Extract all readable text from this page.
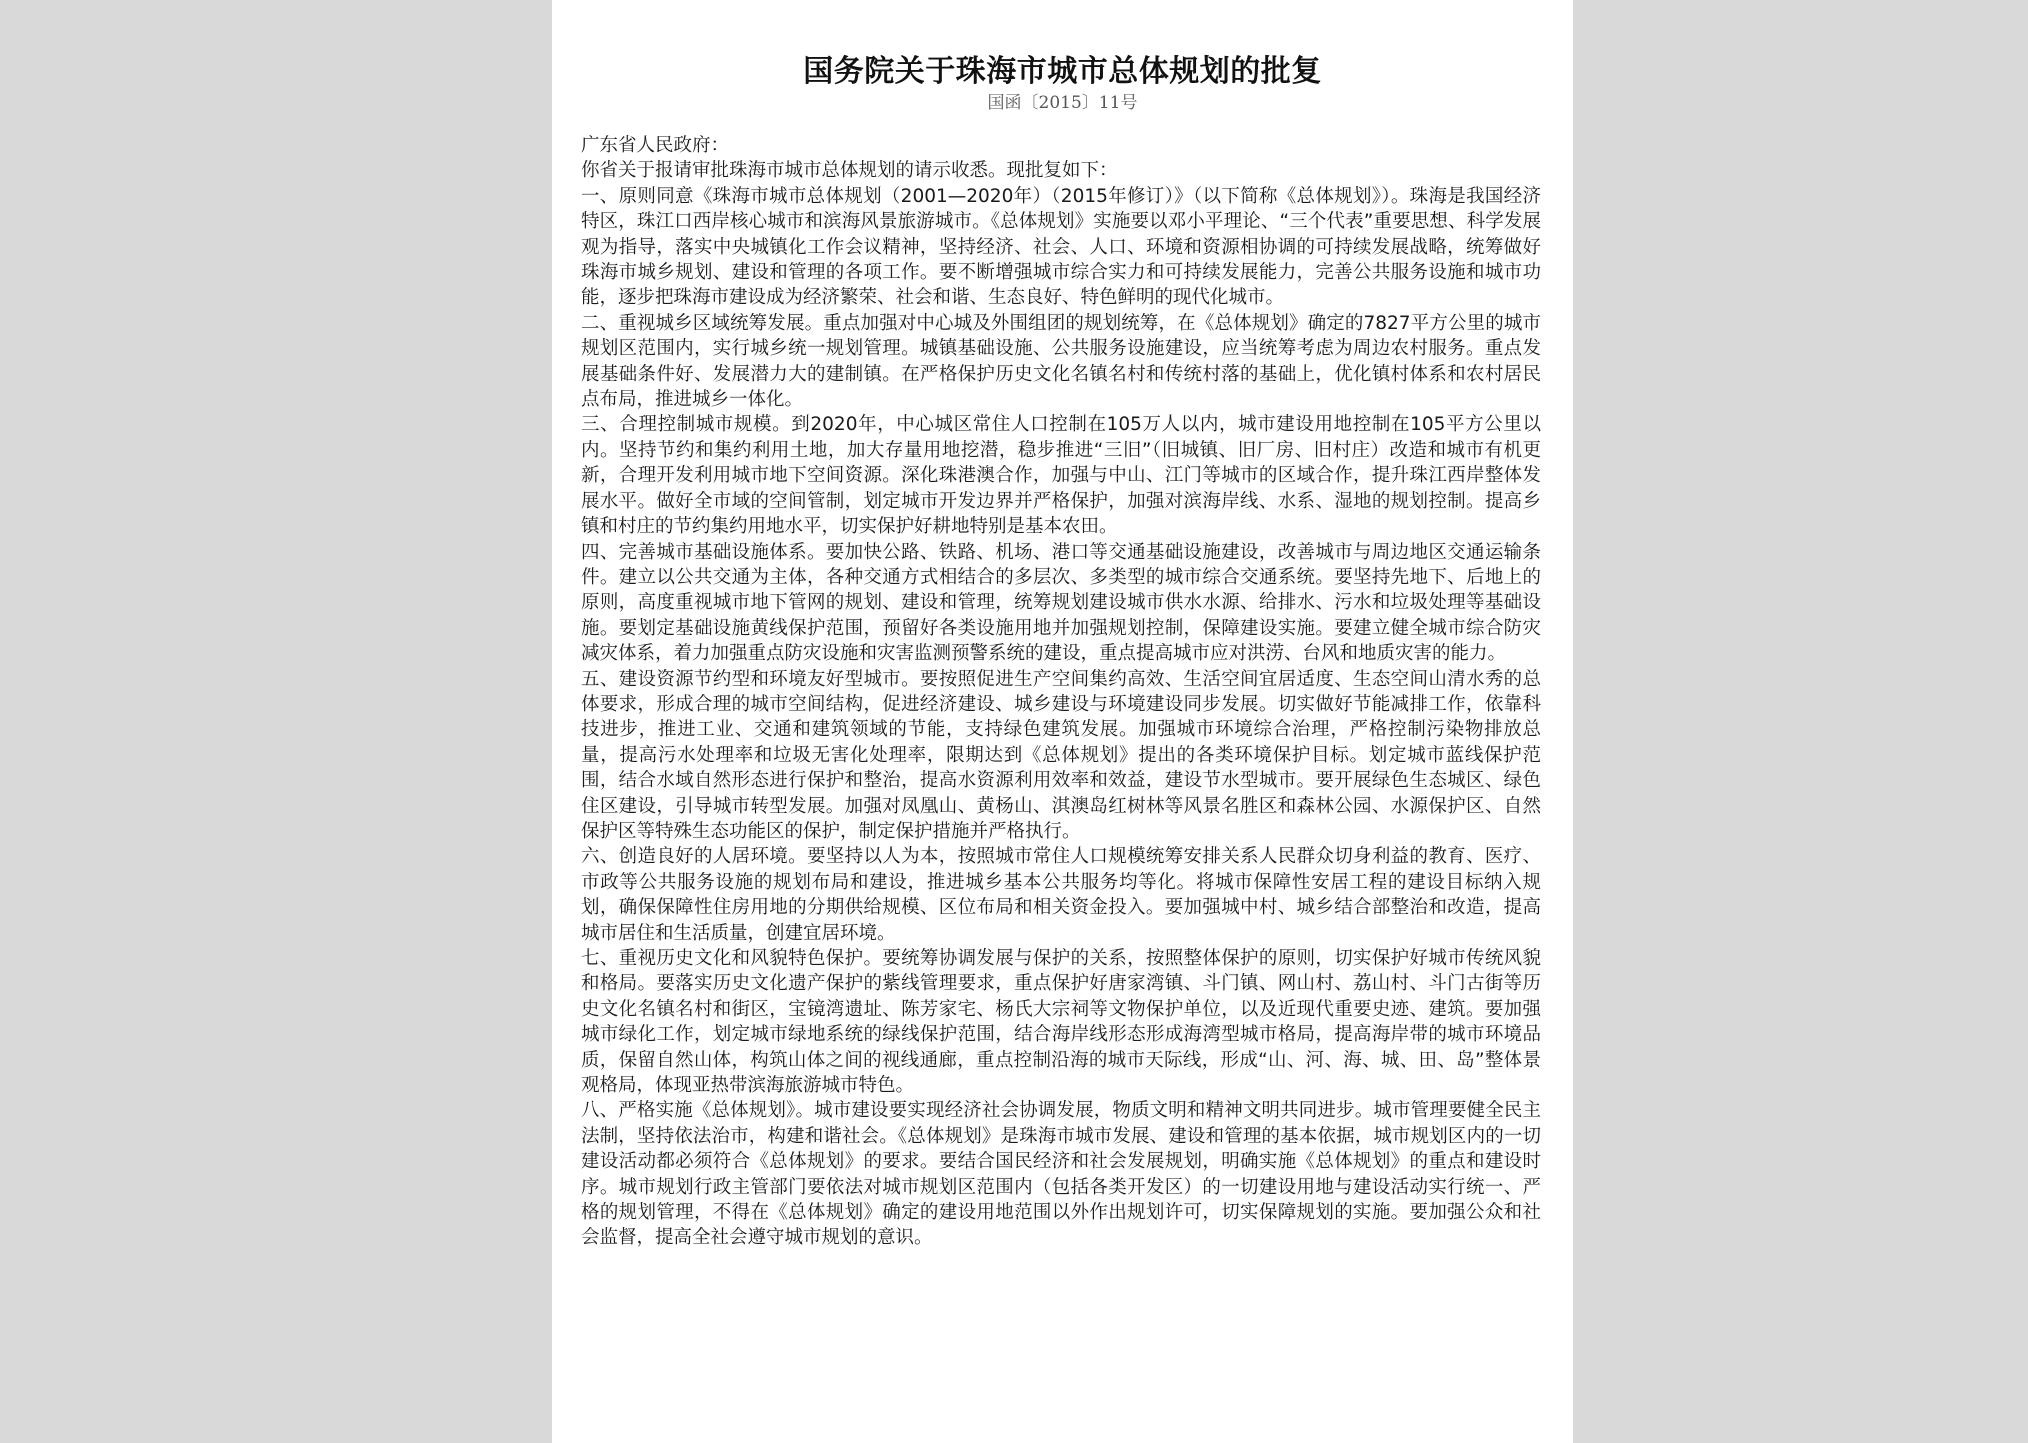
国务院关于珠海市城市总体规划的批复
国函〔2015〕11号

广东省人民政府：

你省关于报请审批珠海市城市总体规划的请示收悉。现批复如下：

一、原则同意《珠海市城市总体规划（2001—2020年）（2015年修订）》（以下简称《总体规划》）。珠海是我国经济特区，珠江口西岸核心城市和滨海风景旅游城市。《总体规划》实施要以邓小平理论、“三个代表”重要思想、科学发展观为指导，落实中央城镇化工作会议精神，坚持经济、社会、人口、环境和资源相协调的可持续发展战略，统筹做好珠海市城乡规划、建设和管理的各项工作。要不断增强城市综合实力和可持续发展能力，完善公共服务设施和城市功能，逐步把珠海市建设成为经济繁荣、社会和谐、生态良好、特色鲜明的现代化城市。

二、重视城乡区域统筹发展。重点加强对中心城及外围组团的规划统筹，在《总体规划》确定的7827平方公里的城市规划区范围内，实行城乡统一规划管理。城镇基础设施、公共服务设施建设，应当统筹考虑为周边农村服务。重点发展基础条件好、发展潜力大的建制镇。在严格保护历史文化名镇名村和传统村落的基础上，优化镇村体系和农村居民点布局，推进城乡一体化。

三、合理控制城市规模。到2020年，中心城区常住人口控制在105万人以内，城市建设用地控制在105平方公里以内。坚持节约和集约利用土地，加大存量用地挖潜，稳步推进“三旧”（旧城镇、旧厂房、旧村庄）改造和城市有机更新，合理开发利用城市地下空间资源。深化珠港澳合作，加强与中山、江门等城市的区域合作，提升珠江西岸整体发展水平。做好全市域的空间管制，划定城市开发边界并严格保护，加强对滨海岸线、水系、湿地的规划控制。提高乡镇和村庄的节约集约用地水平，切实保护好耕地特别是基本农田。

四、完善城市基础设施体系。要加快公路、铁路、机场、港口等交通基础设施建设，改善城市与周边地区交通运输条件。建立以公共交通为主体，各种交通方式相结合的多层次、多类型的城市综合交通系统。要坚持先地下、后地上的原则，高度重视城市地下管网的规划、建设和管理，统筹规划建设城市供水水源、给排水、污水和垃圾处理等基础设施。要划定基础设施黄线保护范围，预留好各类设施用地并加强规划控制，保障建设实施。要建立健全城市综合防灾减灾体系，着力加强重点防灾设施和灾害监测预警系统的建设，重点提高城市应对洪涝、台风和地质灾害的能力。

五、建设资源节约型和环境友好型城市。要按照促进生产空间集约高效、生活空间宜居适度、生态空间山清水秀的总体要求，形成合理的城市空间结构，促进经济建设、城乡建设与环境建设同步发展。切实做好节能减排工作，依靠科技进步，推进工业、交通和建筑领域的节能，支持绿色建筑发展。加强城市环境综合治理，严格控制污染物排放总量，提高污水处理率和垃圾无害化处理率，限期达到《总体规划》提出的各类环境保护目标。划定城市蓝线保护范围，结合水域自然形态进行保护和整治，提高水资源利用效率和效益，建设节水型城市。要开展绿色生态城区、绿色住区建设，引导城市转型发展。加强对凤凰山、黄杨山、淇澳岛红树林等风景名胜区和森林公园、水源保护区、自然保护区等特殊生态功能区的保护，制定保护措施并严格执行。

六、创造良好的人居环境。要坚持以人为本，按照城市常住人口规模统筹安排关系人民群众切身利益的教育、医疗、市政等公共服务设施的规划布局和建设，推进城乡基本公共服务均等化。将城市保障性安居工程的建设目标纳入规划，确保保障性住房用地的分期供给规模、区位布局和相关资金投入。要加强城中村、城乡结合部整治和改造，提高城市居住和生活质量，创建宜居环境。

七、重视历史文化和风貌特色保护。要统筹协调发展与保护的关系，按照整体保护的原则，切实保护好城市传统风貌和格局。要落实历史文化遗产保护的紫线管理要求，重点保护好唐家湾镇、斗门镇、网山村、荔山村、斗门古街等历史文化名镇名村和街区，宝镜湾遗址、陈芳家宅、杨氏大宗祠等文物保护单位，以及近现代重要史迹、建筑。要加强城市绿化工作，划定城市绿地系统的绿线保护范围，结合海岸线形态形成海湾型城市格局，提高海岸带的城市环境品质，保留自然山体，构筑山体之间的视线通廊，重点控制沿海的城市天际线，形成“山、河、海、城、田、岛”整体景观格局，体现亚热带滨海旅游城市特色。

八、严格实施《总体规划》。城市建设要实现经济社会协调发展，物质文明和精神文明共同进步。城市管理要健全民主法制，坚持依法治市，构建和谐社会。《总体规划》是珠海市城市发展、建设和管理的基本依据，城市规划区内的一切建设活动都必须符合《总体规划》的要求。要结合国民经济和社会发展规划，明确实施《总体规划》的重点和建设时序。城市规划行政主管部门要依法对城市规划区范围内（包括各类开发区）的一切建设用地与建设活动实行统一、严格的规划管理，不得在《总体规划》确定的建设用地范围以外作出规划许可，切实保障规划的实施。要加强公众和社会监督，提高全社会遵守城市规划的意识。
